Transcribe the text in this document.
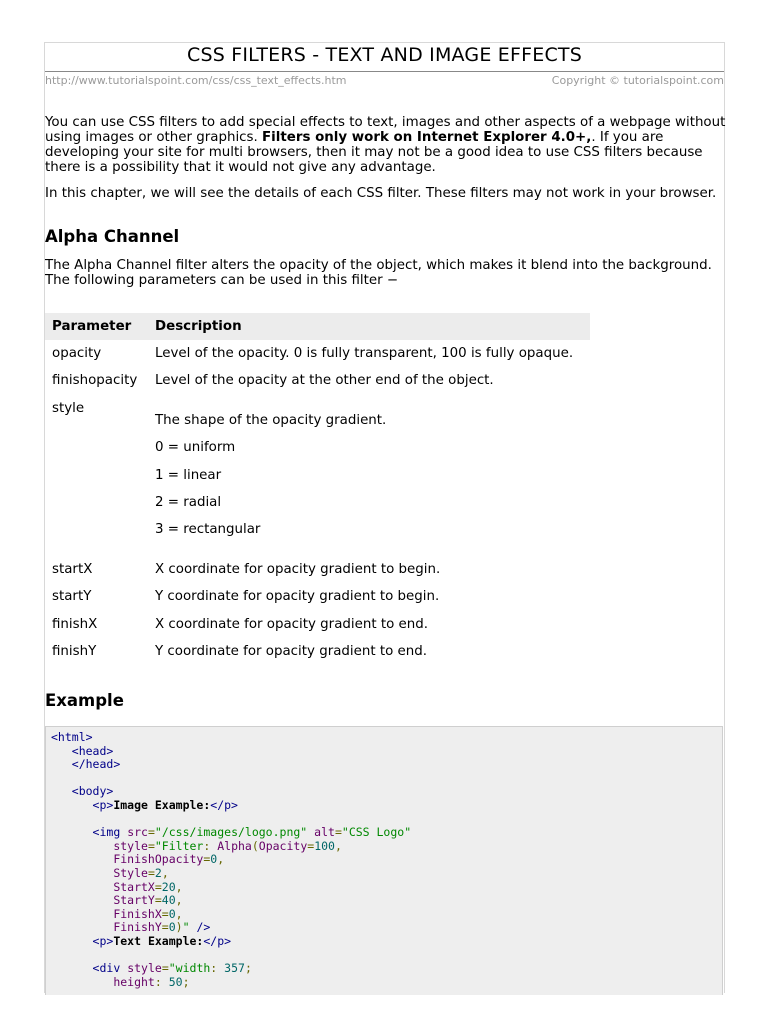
CSS FILTERS - TEXT AND IMAGE EFFECTS
http://www.tutorialspoint.com/css/css_text_effects.htm	Copyright © tutorialspoint.com
You can use CSS filters to add special effects to text, images and other aspects of a webpage without using images or other graphics. Filters only work on Internet Explorer 4.0+,. If you are developing your site for multi browsers, then it may not be a good idea to use CSS filters because there is a possibility that it would not give any advantage.
In this chapter, we will see the details of each CSS filter. These filters may not work in your browser.
Alpha Channel
The Alpha Channel filter alters the opacity of the object, which makes it blend into the background. The following parameters can be used in this filter −
Parameter	Description
opacity	Level of the opacity. 0 is fully transparent, 100 is fully opaque.
finishopacity	Level of the opacity at the other end of the object.
style	The shape of the opacity gradient.
0 = uniform
1 = linear
2 = radial
3 = rectangular

startX	X coordinate for opacity gradient to begin.
startY	Y coordinate for opacity gradient to begin.
finishX	X coordinate for opacity gradient to end.
finishY	Y coordinate for opacity gradient to end.
Example
<html>
<head>
</head>

<body>
<p>Image Example:</p>

<img src="/css/images/logo.png" alt="CSS Logo"
style="Filter: Alpha(Opacity=100,
FinishOpacity=0,
Style=2,
StartX=20,
StartY=40,
FinishX=0,
FinishY=0)" />
<p>Text Example:</p>

<div style="width: 357;
height: 50;
